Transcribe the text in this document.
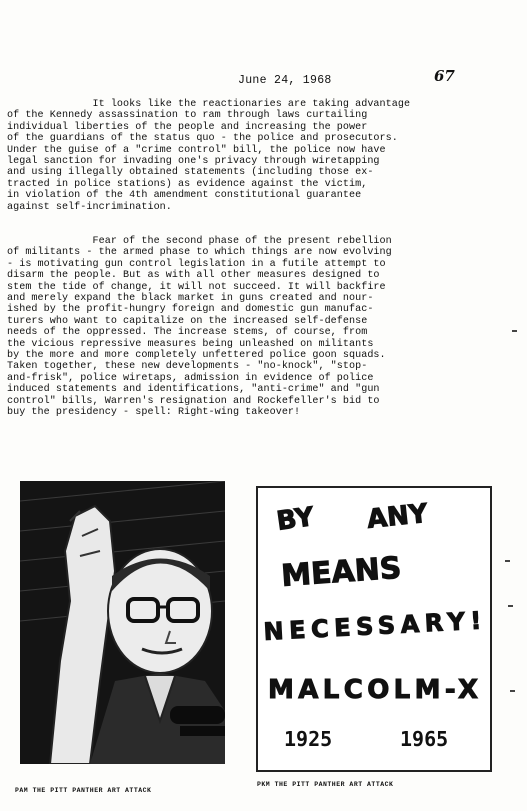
June 24, 1968	67
It looks like the reactionaries are taking advantage
of the Kennedy assassination to ram through laws curtailing
individual liberties of the people and increasing the power
of the guardians of the status quo - the police and prosecutors.
Under the guise of a "crime control" bill, the police now have
legal sanction for invading one's privacy through wiretapping
and using illegally obtained statements (including those ex-
tracted in police stations) as evidence against the victim,
in violation of the 4th amendment constitutional guarantee
against self-incrimination.
Fear of the second phase of the present rebellion
of militants - the armed phase to which things are now evolving
- is motivating gun control legislation in a futile attempt to
disarm the people. But as with all other measures designed to
stem the tide of change, it will not succeed. It will backfire
and merely expand the black market in guns created and nour-
ished by the profit-hungry foreign and domestic gun manufac-
turers who want to capitalize on the increased self-defense
needs of the oppressed. The increase stems, of course, from
the vicious repressive measures being unleashed on militants
by the more and more completely unfettered police goon squads.
Taken together, these new developments - "no-knock", "stop-
and-frisk", police wiretaps, admission in evidence of police
induced statements and identifications, "anti-crime" and "gun
control" bills, Warren's resignation and Rockefeller's bid to
buy the presidency - spell: Right-wing takeover!
PAM THE PITT PANTHER ART ATTACK
BY ANY
MEANS
NECESSARY!
MALCOLM-X
1925	1965
PKM THE PITT PANTHER ART ATTACK
